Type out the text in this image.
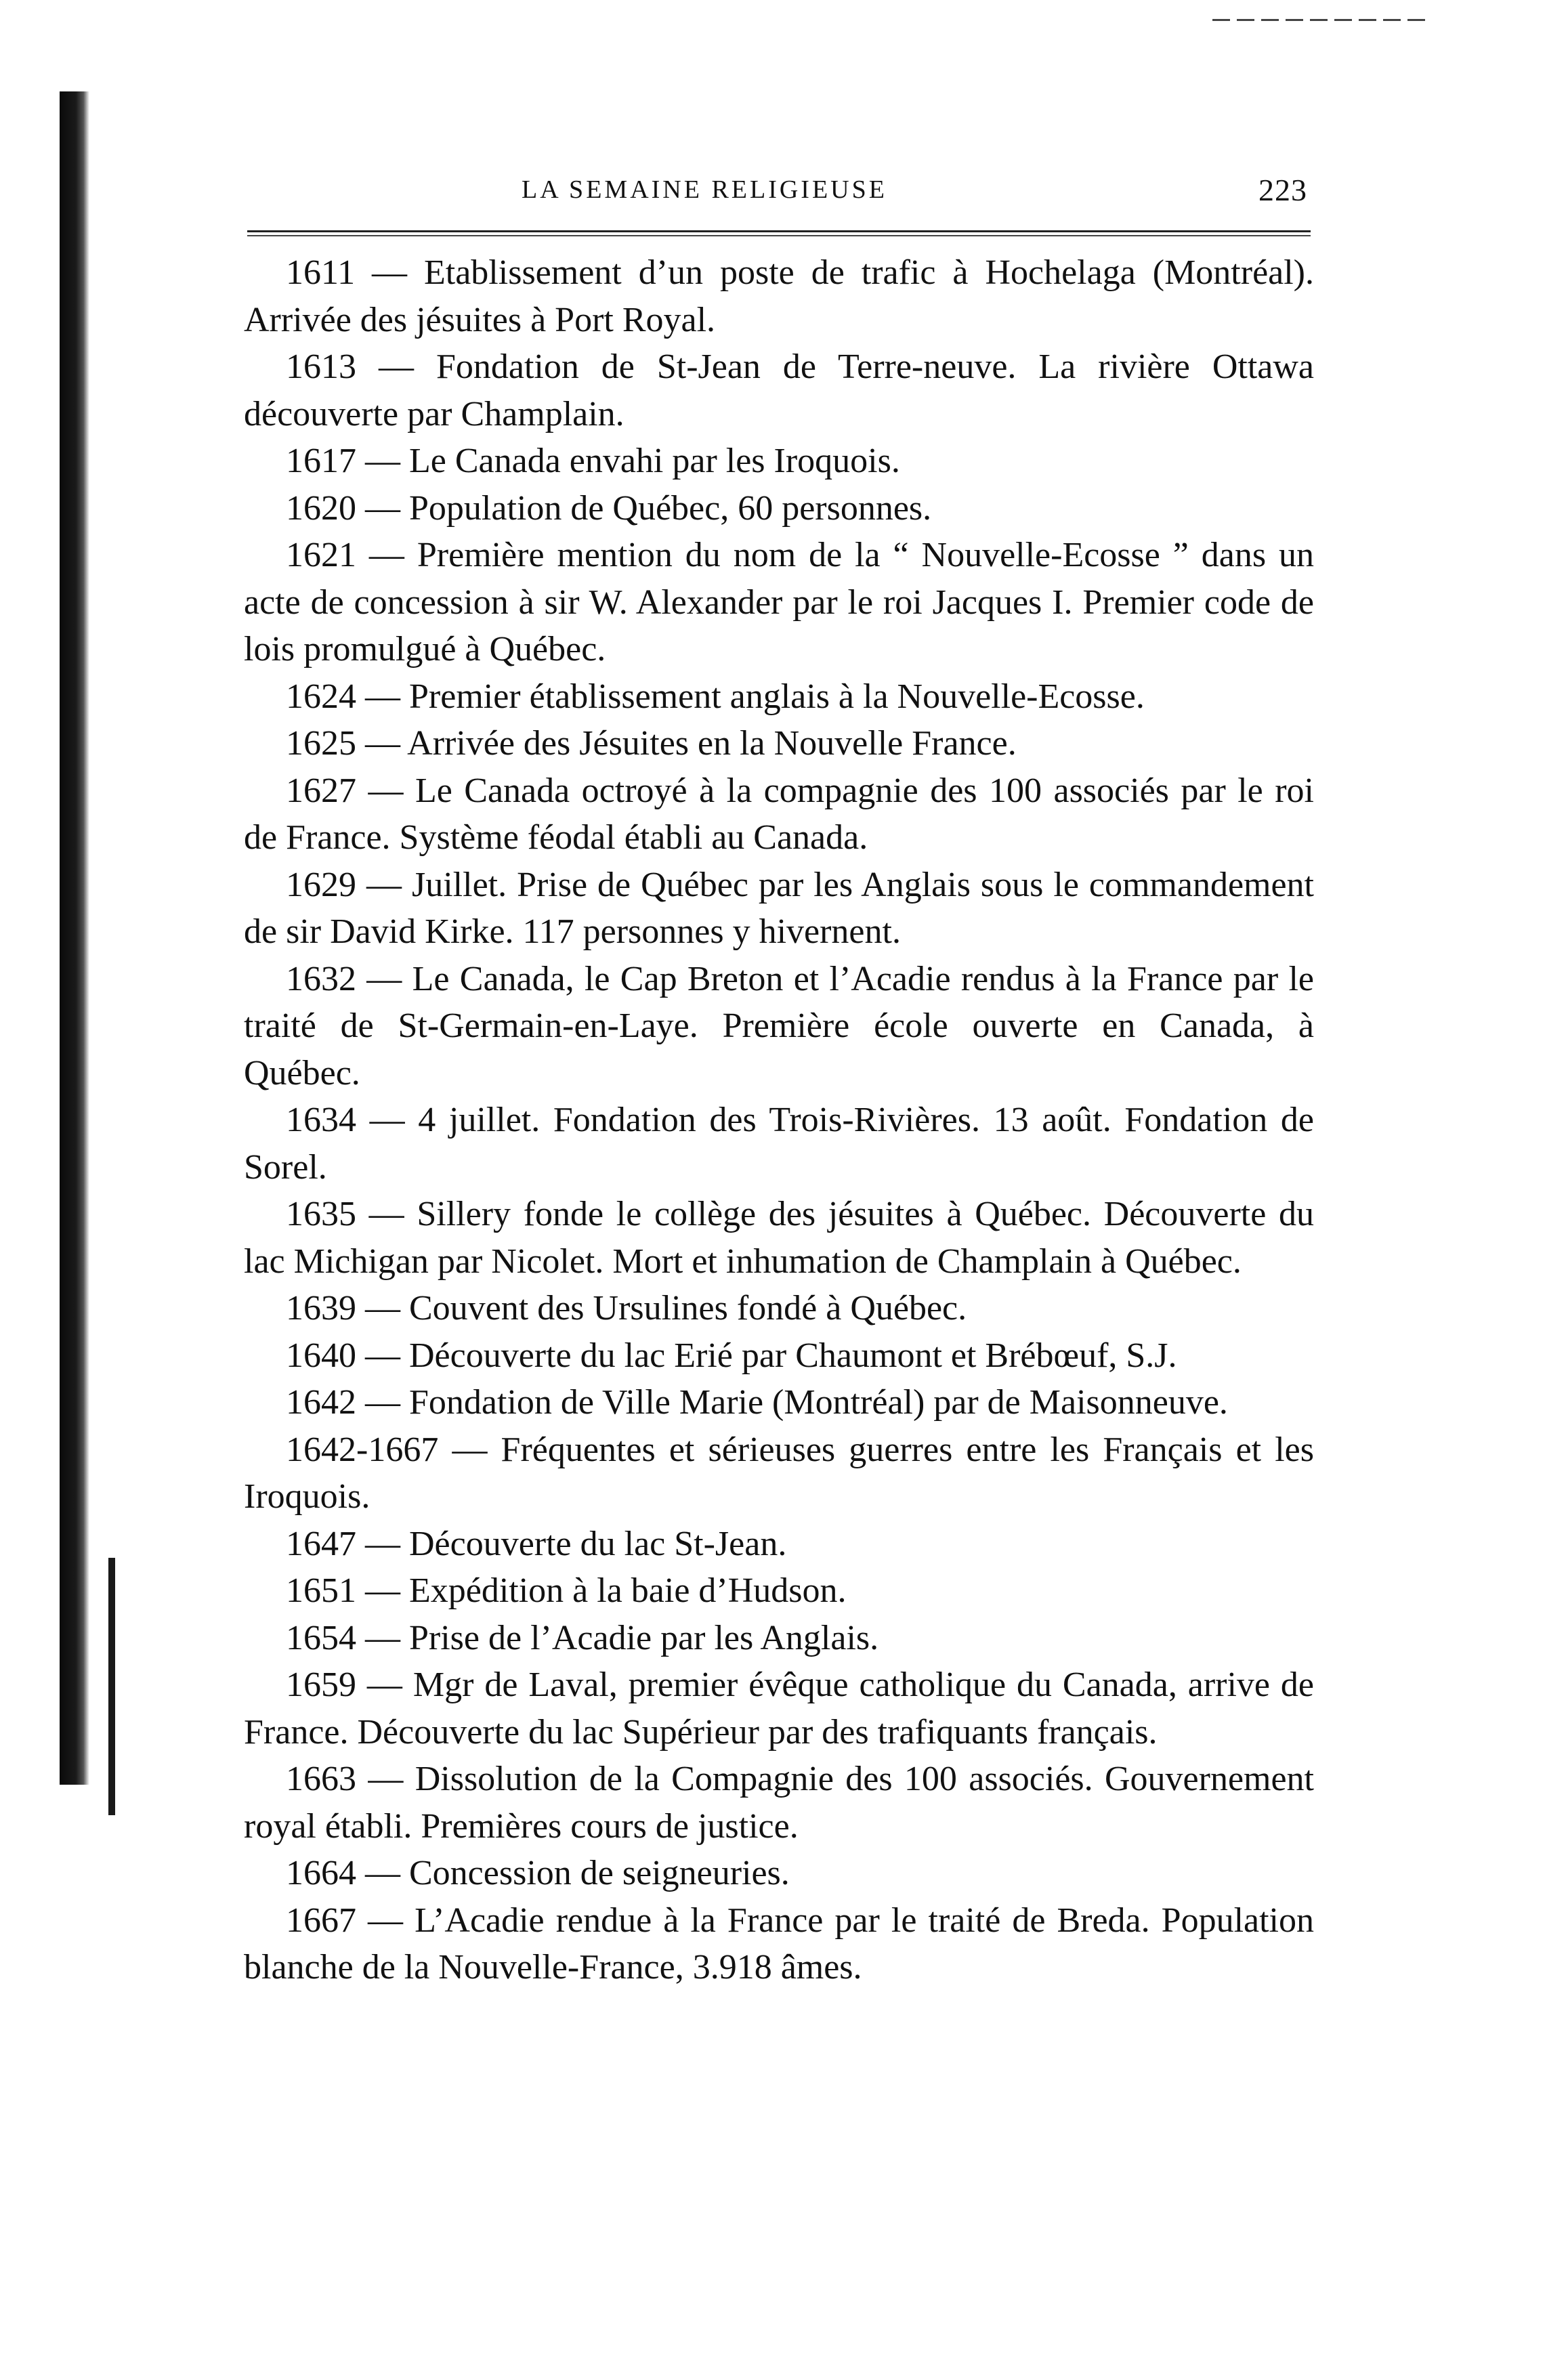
LA SEMAINE RELIGIEUSE	223

1611 — Etablissement d’un poste de trafic à Hochelaga (Montréal). Arrivée des jésuites à Port Royal.

1613 — Fondation de St-Jean de Terre-neuve. La rivière Ottawa découverte par Champlain.

1617 — Le Canada envahi par les Iroquois.

1620 — Population de Québec, 60 personnes.

1621 — Première mention du nom de la “ Nouvelle-Ecosse ” dans un acte de concession à sir W. Alexander par le roi Jacques I. Premier code de lois promulgué à Québec.

1624 — Premier établissement anglais à la Nouvelle-Ecosse.

1625 — Arrivée des Jésuites en la Nouvelle France.

1627 — Le Canada octroyé à la compagnie des 100 associés par le roi de France. Système féodal établi au Canada.

1629 — Juillet. Prise de Québec par les Anglais sous le commandement de sir David Kirke. 117 personnes y hivernent.

1632 — Le Canada, le Cap Breton et l’Acadie rendus à la France par le traité de St-Germain-en-Laye. Première école ouverte en Canada, à Québec.

1634 — 4 juillet. Fondation des Trois-Rivières. 13 août. Fondation de Sorel.

1635 — Sillery fonde le collège des jésuites à Québec. Découverte du lac Michigan par Nicolet. Mort et inhumation de Champlain à Québec.

1639 — Couvent des Ursulines fondé à Québec.

1640 — Découverte du lac Erié par Chaumont et Brébœuf, S.J.

1642 — Fondation de Ville Marie (Montréal) par de Maisonneuve.

1642-1667 — Fréquentes et sérieuses guerres entre les Français et les Iroquois.

1647 — Découverte du lac St-Jean.

1651 — Expédition à la baie d’Hudson.

1654 — Prise de l’Acadie par les Anglais.

1659 — Mgr de Laval, premier évêque catholique du Canada, arrive de France. Découverte du lac Supérieur par des trafiquants français.

1663 — Dissolution de la Compagnie des 100 associés. Gouvernement royal établi. Premières cours de justice.

1664 — Concession de seigneuries.

1667 — L’Acadie rendue à la France par le traité de Breda. Population blanche de la Nouvelle-France, 3.918 âmes.
